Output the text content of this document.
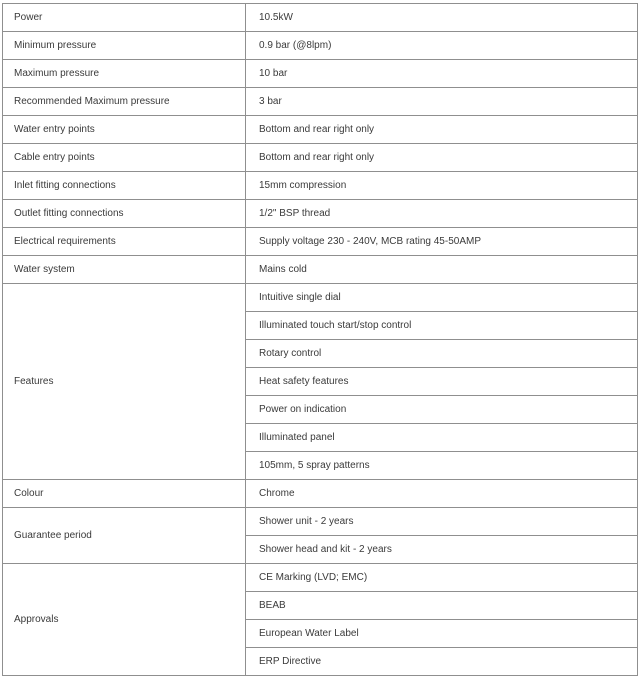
Power	10.5kW
Minimum pressure	0.9 bar (@8lpm)
Maximum pressure	10 bar
Recommended Maximum pressure	3 bar
Water entry points	Bottom and rear right only
Cable entry points	Bottom and rear right only
Inlet fitting connections	15mm compression
Outlet fitting connections	1/2" BSP thread
Electrical requirements	Supply voltage 230 - 240V, MCB rating 45-50AMP
Water system	Mains cold
Features	Intuitive single dial
	Illuminated touch start/stop control
	Rotary control
	Heat safety features
	Power on indication
	Illuminated panel
	105mm, 5 spray patterns
Colour	Chrome
Guarantee period	Shower unit - 2 years
	Shower head and kit - 2 years
Approvals	CE Marking (LVD; EMC)
	BEAB
	European Water Label
	ERP Directive
